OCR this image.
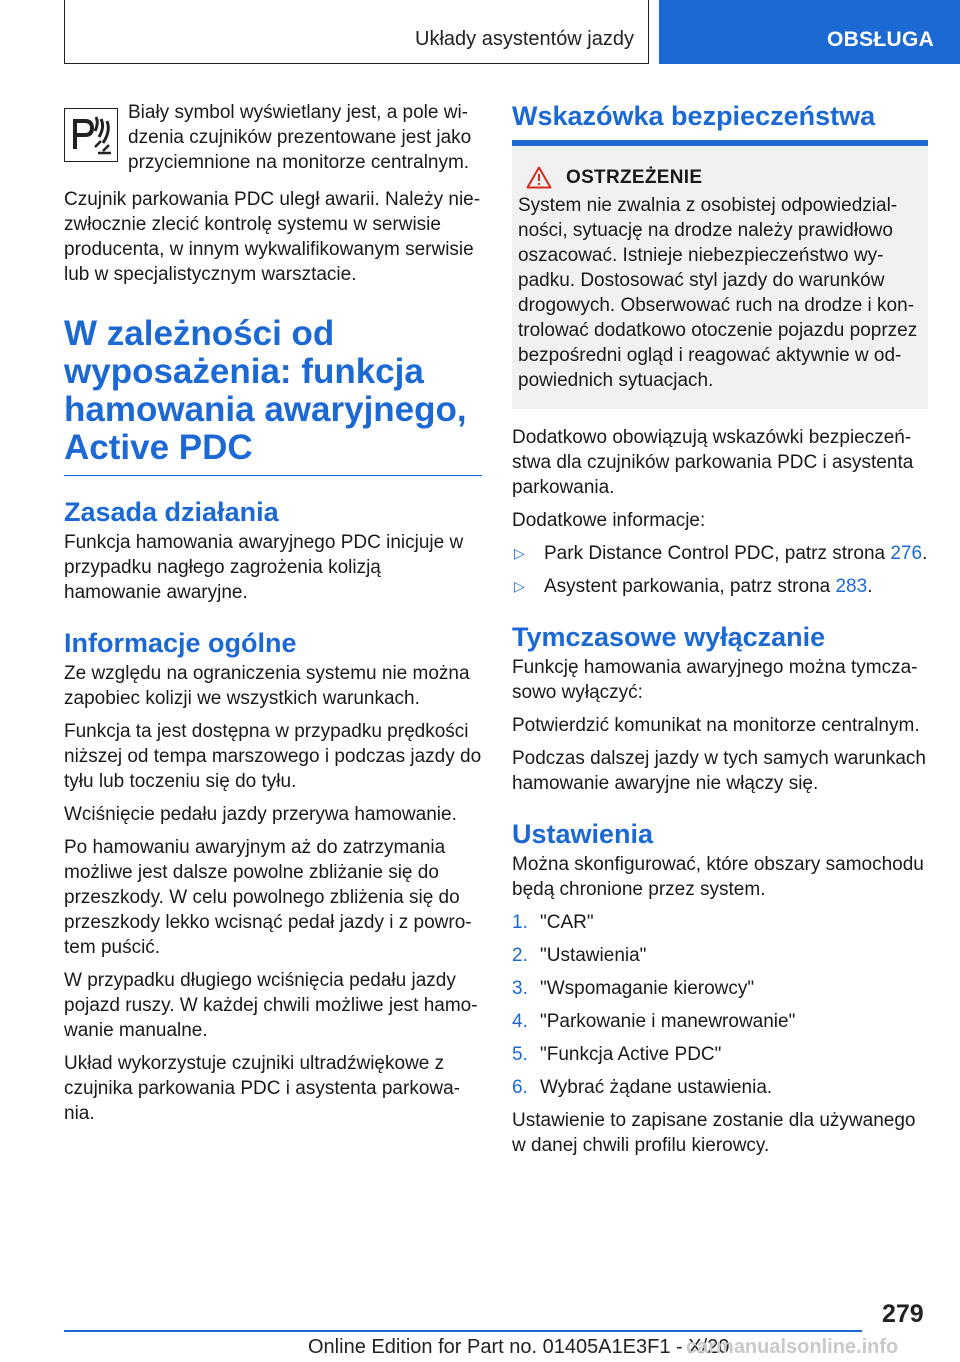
Układy asystentów jazdy	OBSŁUGA

Biały symbol wyświetlany jest, a pole wi-dzenia czujników prezentowane jest jako przyciemnione na monitorze centralnym.

Czujnik parkowania PDC uległ awarii. Należy nie-zwłocznie zlecić kontrolę systemu w serwisie producenta, w innym wykwalifikowanym serwisie lub w specjalistycznym warsztacie.

W zależności od wyposażenia: funkcja hamowania awaryjnego, Active PDC
Zasada działania

Funkcja hamowania awaryjnego PDC inicjuje w przypadku nagłego zagrożenia kolizją hamowanie awaryjne.

Informacje ogólne

Ze względu na ograniczenia systemu nie można zapobiec kolizji we wszystkich warunkach.

Funkcja ta jest dostępna w przypadku prędkości niższej od tempa marszowego i podczas jazdy do tyłu lub toczeniu się do tyłu.

Wciśnięcie pedału jazdy przerywa hamowanie.

Po hamowaniu awaryjnym aż do zatrzymania możliwe jest dalsze powolne zbliżanie się do przeszkody. W celu powolnego zbliżenia się do przeszkody lekko wcisnąć pedał jazdy i z powro-tem puścić.

W przypadku długiego wciśnięcia pedału jazdy pojazd ruszy. W każdej chwili możliwe jest hamo-wanie manualne.

Układ wykorzystuje czujniki ultradźwiękowe z czujnika parkowania PDC i asystenta parkowa-nia.

Wskazówka bezpieczeństwa
OSTRZEŻENIE

System nie zwalnia z osobistej odpowiedzial-ności, sytuację na drodze należy prawidłowo oszacować. Istnieje niebezpieczeństwo wy-padku. Dostosować styl jazdy do warunków drogowych. Obserwować ruch na drodze i kon-trolować dodatkowo otoczenie pojazdu poprzez bezpośredni ogląd i reagować aktywnie w od-powiednich sytuacjach.

Dodatkowo obowiązują wskazówki bezpieczeń-stwa dla czujników parkowania PDC i asystenta parkowania.

Dodatkowe informacje:

▷	Park Distance Control PDC, patrz strona 276.
▷	Asystent parkowania, patrz strona 283.
Tymczasowe wyłączanie

Funkcję hamowania awaryjnego można tymcza-sowo wyłączyć:

Potwierdzić komunikat na monitorze centralnym.

Podczas dalszej jazdy w tych samych warunkach hamowanie awaryjne nie włączy się.

Ustawienia

Można skonfigurować, które obszary samochodu będą chronione przez system.

1. "CAR"
2. "Ustawienia"
3. "Wspomaganie kierowcy"
4. "Parkowanie i manewrowanie"
5. "Funkcja Active PDC"
6. Wybrać żądane ustawienia.

Ustawienie to zapisane zostanie dla używanego w danej chwili profilu kierowcy.

279
Online Edition for Part no. 01405A1E3F1 - X/20
carmanualsonline.info
